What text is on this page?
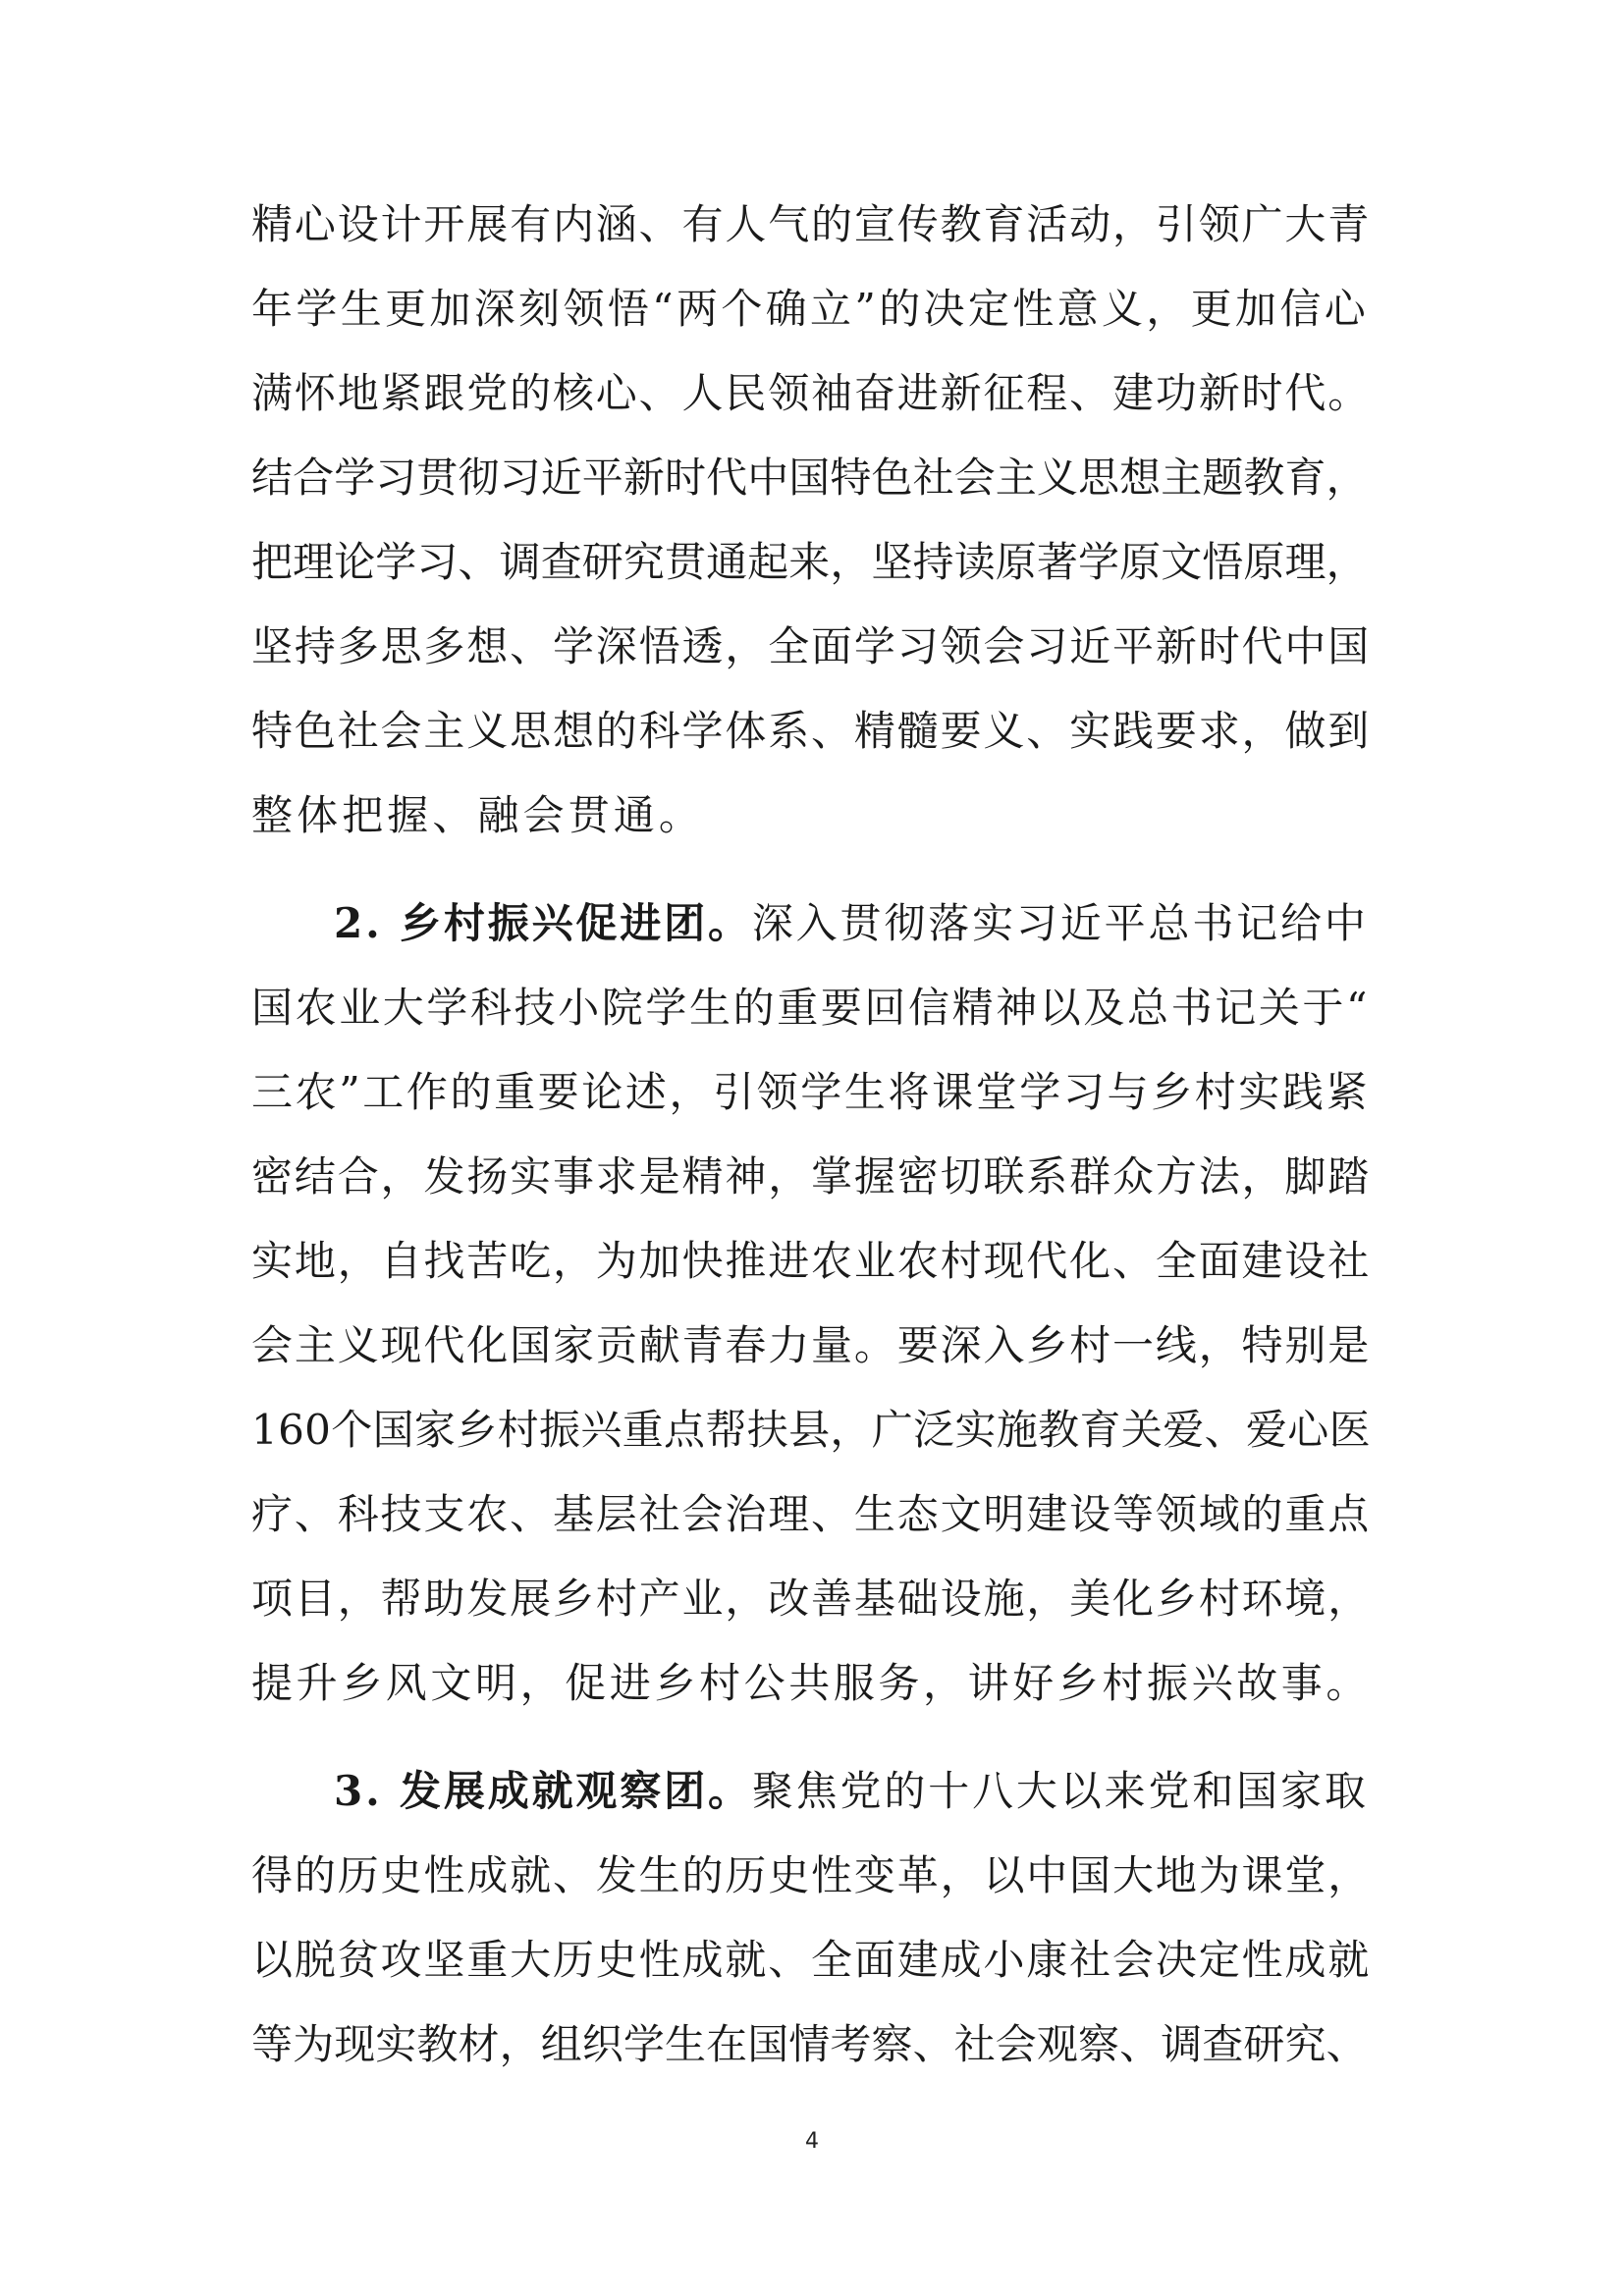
精心设计开展有内涵、有人气的宣传教育活动，引领广大青
年学生更加深刻领悟“两个确立”的决定性意义，更加信心
满怀地紧跟党的核心、人民领袖奋进新征程、建功新时代。
结合学习贯彻习近平新时代中国特色社会主义思想主题教育，
把理论学习、调查研究贯通起来，坚持读原著学原文悟原理，
坚持多思多想、学深悟透，全面学习领会习近平新时代中国
特色社会主义思想的科学体系、精髓要义、实践要求，做到
整体把握、融会贯通。
2. 乡村振兴促进团。深入贯彻落实习近平总书记给中
国农业大学科技小院学生的重要回信精神以及总书记关于“
三农”工作的重要论述，引领学生将课堂学习与乡村实践紧
密结合，发扬实事求是精神，掌握密切联系群众方法，脚踏
实地，自找苦吃，为加快推进农业农村现代化、全面建设社
会主义现代化国家贡献青春力量。要深入乡村一线，特别是
160个国家乡村振兴重点帮扶县，广泛实施教育关爱、爱心医
疗、科技支农、基层社会治理、生态文明建设等领域的重点
项目，帮助发展乡村产业，改善基础设施，美化乡村环境，
提升乡风文明，促进乡村公共服务，讲好乡村振兴故事。
3. 发展成就观察团。聚焦党的十八大以来党和国家取
得的历史性成就、发生的历史性变革，以中国大地为课堂，
以脱贫攻坚重大历史性成就、全面建成小康社会决定性成就
等为现实教材，组织学生在国情考察、社会观察、调查研究、
4
